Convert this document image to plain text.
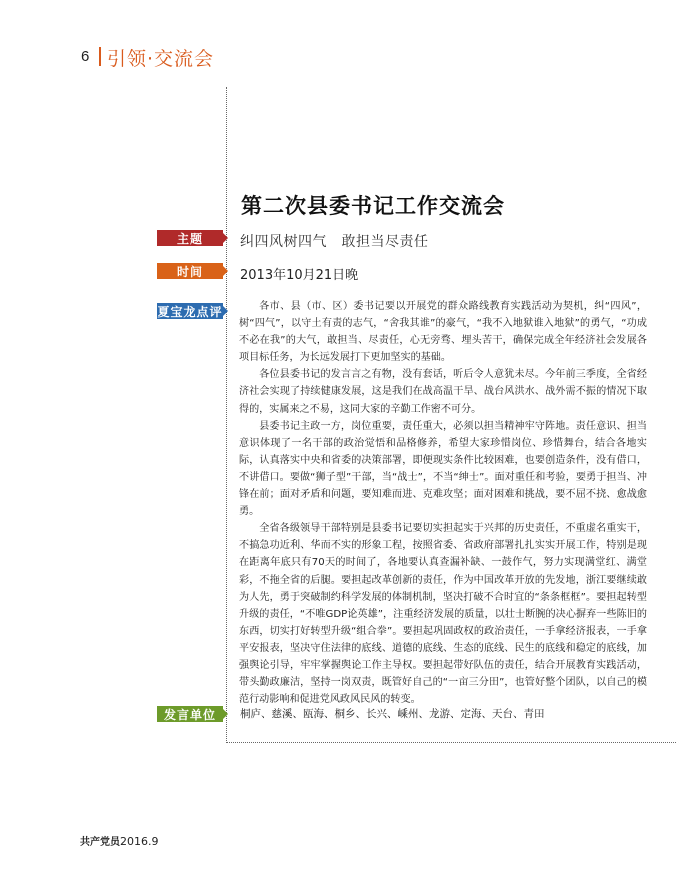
6 引领·交流会
第二次县委书记工作交流会
主题	纠四风树四气　敢担当尽责任
时间	2013年10月21日晚
夏宝龙点评	各市、县（市、区）委书记要以开展党的群众路线教育实践活动为契机，纠“四风”，树“四气”，以守土有责的志气，“舍我其谁”的豪气，“我不入地狱谁入地狱”的勇气，“功成不必在我”的大气，敢担当、尽责任，心无旁骛、埋头苦干，确保完成全年经济社会发展各项目标任务，为长远发展打下更加坚实的基础。

各位县委书记的发言言之有物，没有套话，听后令人意犹未尽。今年前三季度，全省经济社会实现了持续健康发展，这是我们在战高温干旱、战台风洪水、战外需不振的情况下取得的，实属来之不易，这同大家的辛勤工作密不可分。

县委书记主政一方，岗位重要，责任重大，必须以担当精神牢守阵地。责任意识、担当意识体现了一名干部的政治觉悟和品格修养，希望大家珍惜岗位、珍惜舞台，结合各地实际，认真落实中央和省委的决策部署，即便现实条件比较困难，也要创造条件，没有借口，不讲借口。要做“狮子型”干部，当“战士”，不当“绅士”。面对重任和考验，要勇于担当、冲锋在前；面对矛盾和问题，要知难而进、克难攻坚；面对困难和挑战，要不屈不挠、愈战愈勇。

全省各级领导干部特别是县委书记要切实担起实于兴邦的历史责任，不重虚名重实干，不搞急功近利、华而不实的形象工程，按照省委、省政府部署扎扎实实开展工作，特别是现在距离年底只有70天的时间了，各地要认真查漏补缺、一鼓作气，努力实现满堂红、满堂彩，不拖全省的后腿。要担起改革创新的责任，作为中国改革开放的先发地，浙江要继续敢为人先，勇于突破制约科学发展的体制机制，坚决打破不合时宜的“条条框框”。要担起转型升级的责任，“不唯GDP论英雄”，注重经济发展的质量，以壮士断腕的决心摒弃一些陈旧的东西，切实打好转型升级“组合拳”。要担起巩固政权的政治责任，一手拿经济报表，一手拿平安报表，坚决守住法律的底线、道德的底线、生态的底线、民生的底线和稳定的底线，加强舆论引导，牢牢掌握舆论工作主导权。要担起带好队伍的责任，结合开展教育实践活动，带头勤政廉洁，坚持一岗双责，既管好自己的“一亩三分田”，也管好整个团队，以自己的模范行动影响和促进党风政风民风的转变。

发言单位	桐庐、慈溪、瓯海、桐乡、长兴、嵊州、龙游、定海、天台、青田
共产党员2016.9
